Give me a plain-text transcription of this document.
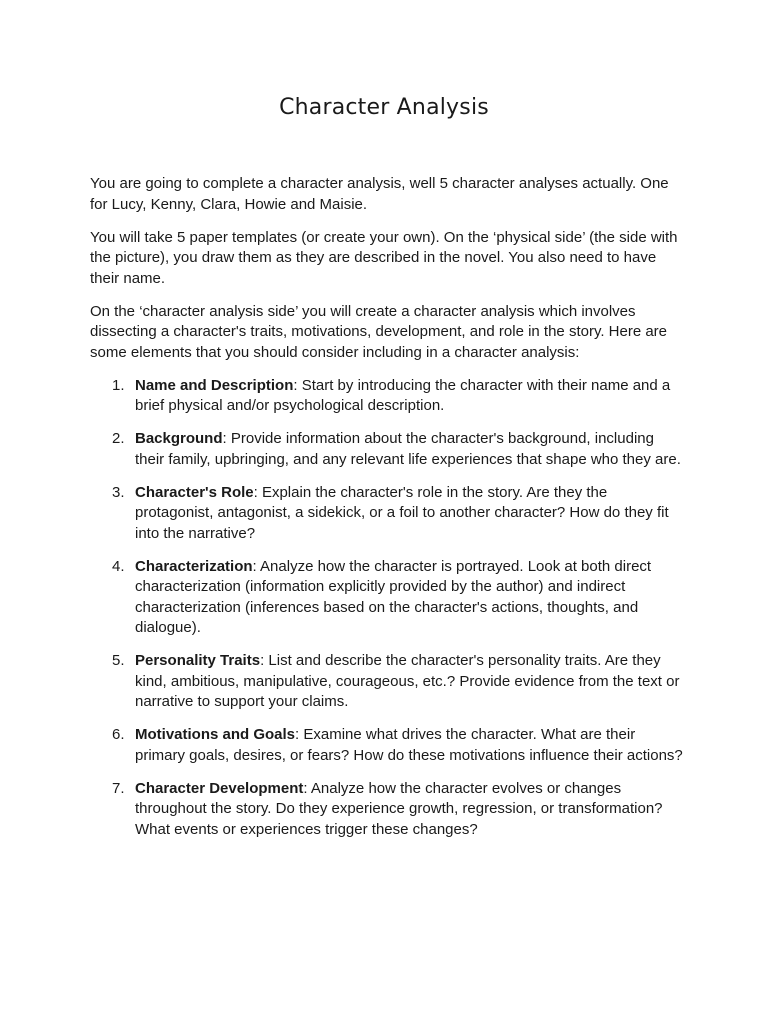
Character Analysis

You are going to complete a character analysis, well 5 character analyses actually. One for Lucy, Kenny, Clara, Howie and Maisie.

You will take 5 paper templates (or create your own). On the ‘physical side’ (the side with the picture), you draw them as they are described in the novel. You also need to have their name.

On the ‘character analysis side’ you will create a character analysis which involves dissecting a character's traits, motivations, development, and role in the story. Here are some elements that you should consider including in a character analysis:

1. Name and Description: Start by introducing the character with their name and a brief physical and/or psychological description.
2. Background: Provide information about the character's background, including their family, upbringing, and any relevant life experiences that shape who they are.
3. Character's Role: Explain the character's role in the story. Are they the protagonist, antagonist, a sidekick, or a foil to another character? How do they fit into the narrative?
4. Characterization: Analyze how the character is portrayed. Look at both direct characterization (information explicitly provided by the author) and indirect characterization (inferences based on the character's actions, thoughts, and dialogue).
5. Personality Traits: List and describe the character's personality traits. Are they kind, ambitious, manipulative, courageous, etc.? Provide evidence from the text or narrative to support your claims.
6. Motivations and Goals: Examine what drives the character. What are their primary goals, desires, or fears? How do these motivations influence their actions?
7. Character Development: Analyze how the character evolves or changes throughout the story. Do they experience growth, regression, or transformation? What events or experiences trigger these changes?
